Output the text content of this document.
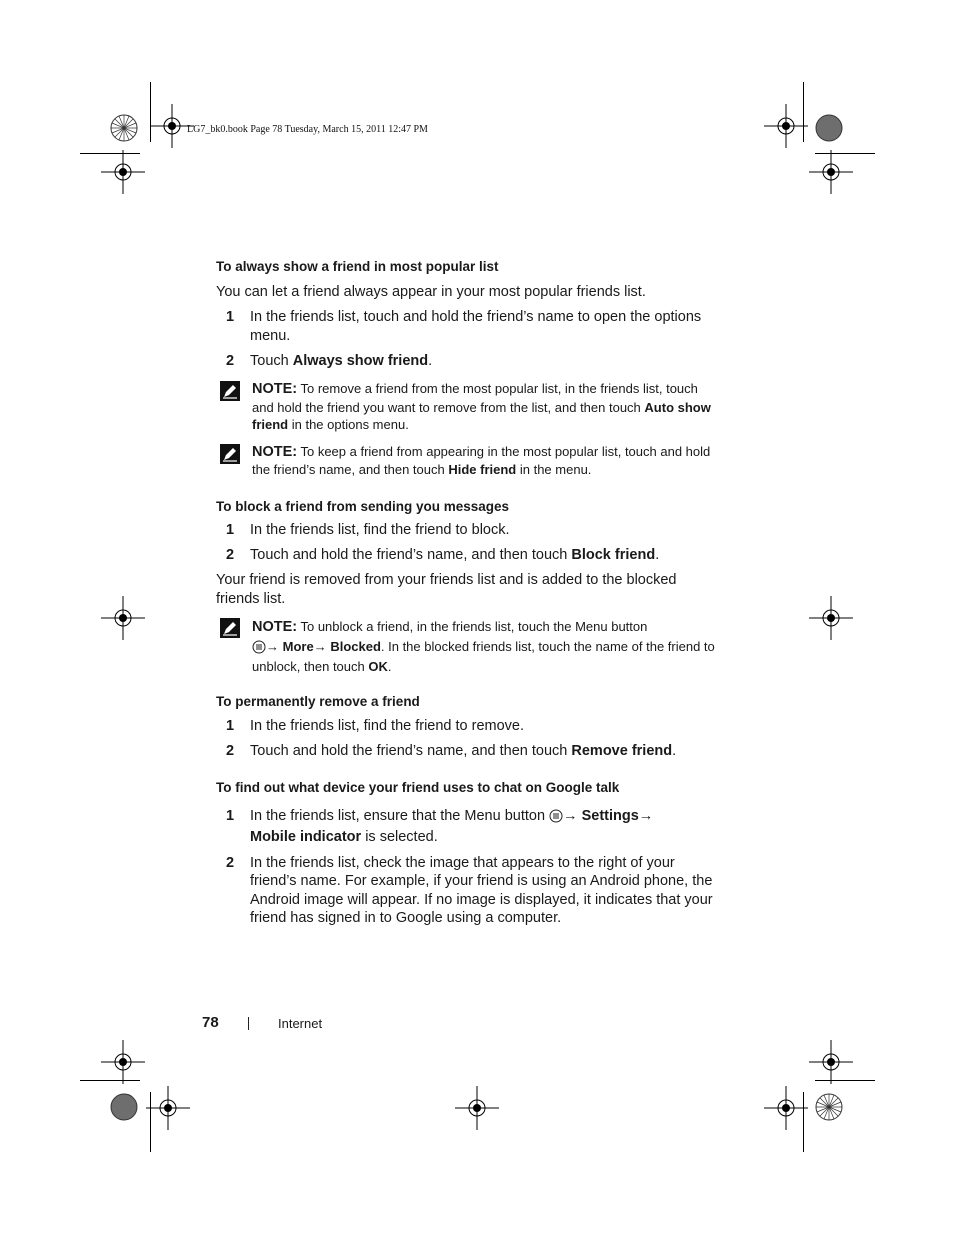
LG7_bk0.book Page 78 Tuesday, March 15, 2011 12:47 PM

To always show a friend in most popular list

You can let a friend always appear in your most popular friends list.

1 In the friends list, touch and hold the friend’s name to open the options menu.
2 Touch Always show friend.
NOTE: To remove a friend from the most popular list, in the friends list, touch and hold the friend you want to remove from the list, and then touch Auto show friend in the options menu.
NOTE: To keep a friend from appearing in the most popular list, touch and hold the friend’s name, and then touch Hide friend in the menu.

To block a friend from sending you messages

1 In the friends list, find the friend to block.
2 Touch and hold the friend’s name, and then touch Block friend.

Your friend is removed from your friends list and is added to the blocked friends list.

NOTE: To unblock a friend, in the friends list, touch the Menu button
→ More→ Blocked. In the blocked friends list, touch the name of the friend to unblock, then touch OK.

To permanently remove a friend

1 In the friends list, find the friend to remove.
2 Touch and hold the friend’s name, and then touch Remove friend.

To find out what device your friend uses to chat on Google talk

1 In the friends list, ensure that the Menu button → Settings→
Mobile indicator is selected.
2 In the friends list, check the image that appears to the right of your friend’s name. For example, if your friend is using an Android phone, the Android image will appear. If no image is displayed, it indicates that your friend has signed in to Google using a computer.
78	Internet
